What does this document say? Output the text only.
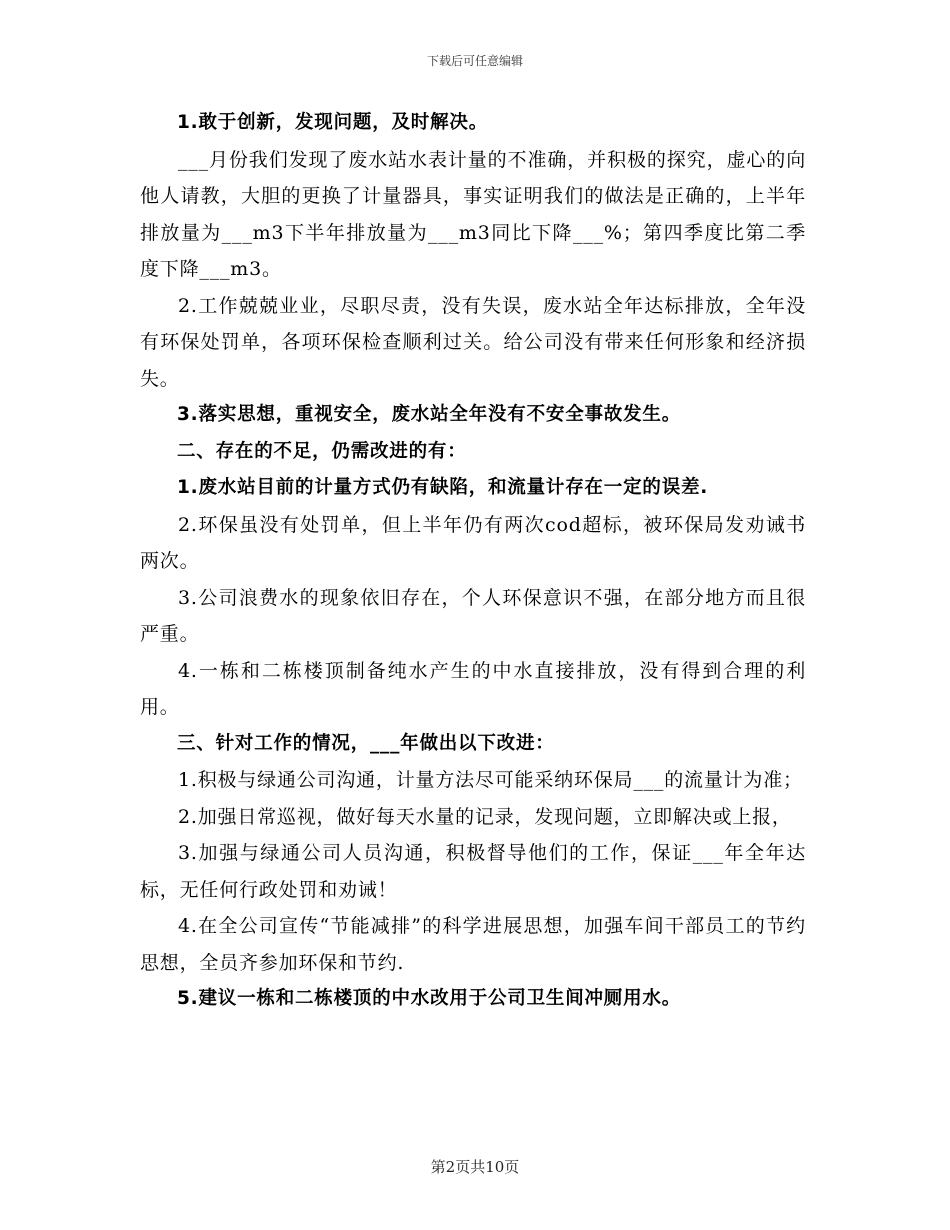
下载后可任意编辑

1.敢于创新，发现问题，及时解决。

___月份我们发现了废水站水表计量的不准确，并积极的探究，虚心的向他人请教，大胆的更换了计量器具，事实证明我们的做法是正确的，上半年排放量为___m3下半年排放量为___m3同比下降___%；第四季度比第二季度下降___m3。

2.工作兢兢业业，尽职尽责，没有失误，废水站全年达标排放，全年没有环保处罚单，各项环保检查顺利过关。给公司没有带来任何形象和经济损失。

3.落实思想，重视安全，废水站全年没有不安全事故发生。

二、存在的不足，仍需改进的有：

1.废水站目前的计量方式仍有缺陷，和流量计存在一定的误差.

2.环保虽没有处罚单，但上半年仍有两次cod超标，被环保局发劝诫书两次。

3.公司浪费水的现象依旧存在，个人环保意识不强，在部分地方而且很严重。

4.一栋和二栋楼顶制备纯水产生的中水直接排放，没有得到合理的利用。

三、针对工作的情况，___年做出以下改进：

1.积极与绿通公司沟通，计量方法尽可能采纳环保局___的流量计为准；

2.加强日常巡视，做好每天水量的记录，发现问题，立即解决或上报，

3.加强与绿通公司人员沟通，积极督导他们的工作，保证___年全年达标，无任何行政处罚和劝诫！

4.在全公司宣传“节能减排”的科学进展思想，加强车间干部员工的节约思想，全员齐参加环保和节约.

5.建议一栋和二栋楼顶的中水改用于公司卫生间冲厕用水。

第2页共10页
